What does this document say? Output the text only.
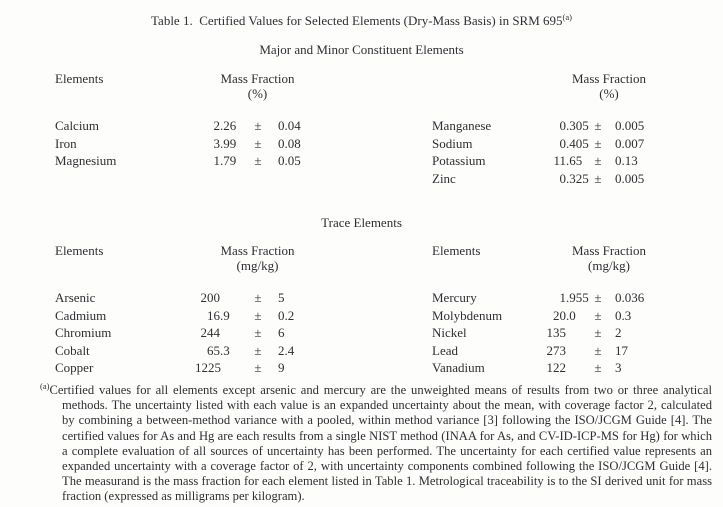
Table 1.  Certified Values for Selected Elements (Dry-Mass Basis) in SRM 695$^{(a)}$
Major and Minor Constituent Elements
Elements	Mass Fraction
(%)
Calcium	2 .26	±	0.04
Iron	3 .99	±	0.08
Magnesium	1 .79	±	0.05
Mass Fraction
(%)
Manganese	0 .305 ±	0.005
Sodium	0 .405 ±	0.007
Potassium	11 .65 ±	0.13
Zinc	0 .325 ±	0.005
Trace Elements
Elements	Mass Fraction
(mg/kg)
Arsenic	200	±	5
Cadmium	16 .9	±	0.2
Chromium	244	±	6
Cobalt	65 .3	±	2.4
Copper	1225	±	9
Elements	Mass Fraction
(mg/kg)
Mercury	1 .955 ±	0.036
Molybdenum	20 .0	±	0.3
Nickel	135 ±	2
Lead	273 ±	17
Vanadium	122 ±	3
$^{(a)}$Certified values for all elements except arsenic and mercury are the unweighted means of results from two or three analytical methods. The uncertainty listed with each value is an expanded uncertainty about the mean, with coverage factor 2, calculated by combining a between-method variance with a pooled, within method variance [3] following the ISO/JCGM Guide [4]. The certified values for As and Hg are each results from a single NIST method (INAA for As, and CV-ID-ICP-MS for Hg) for which a complete evaluation of all sources of uncertainty has been performed. The uncertainty for each certified value represents an expanded uncertainty with a coverage factor of 2, with uncertainty components combined following the ISO/JCGM Guide [4]. The measurand is the mass fraction for each element listed in Table 1. Metrological traceability is to the SI derived unit for mass fraction (expressed as milligrams per kilogram).
